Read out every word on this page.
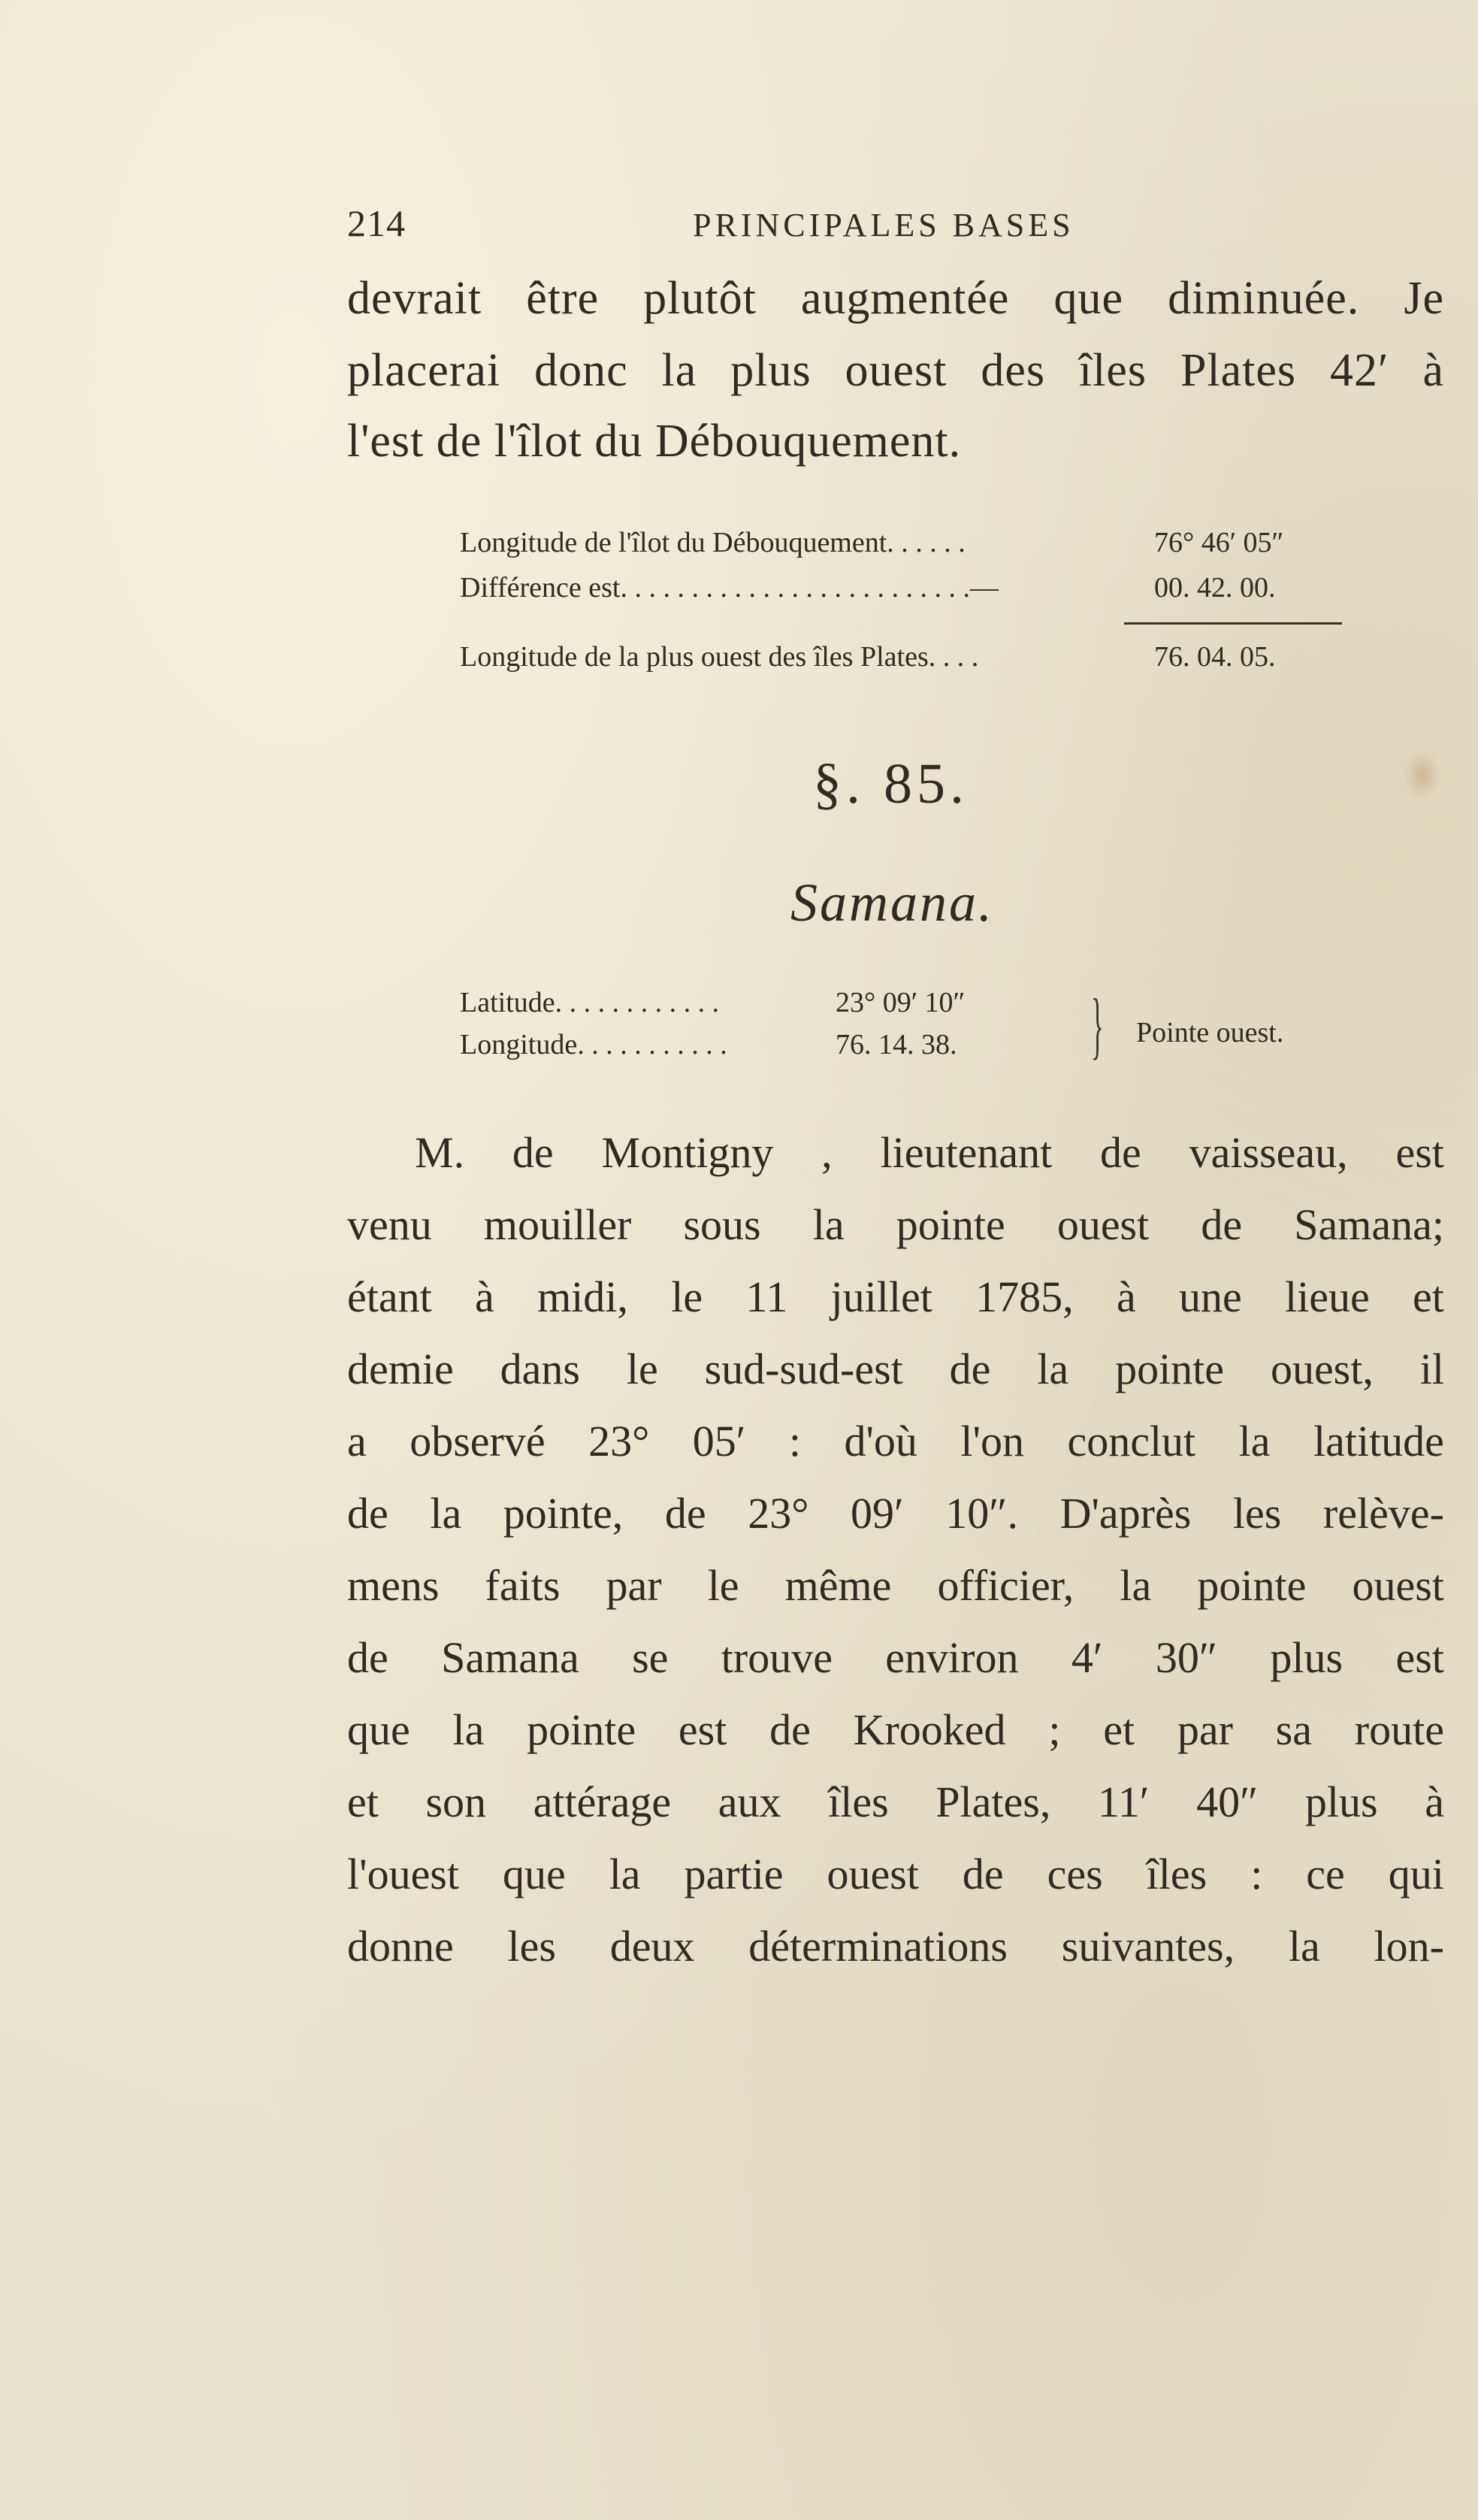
214	PRINCIPALES BASES
devrait être plutôt augmentée que diminuée. Je
placerai donc la plus ouest des îles Plates 42′ à
l'est de l'îlot du Débouquement.
Longitude de l'îlot du Débouquement. . . . . .	76° 46′ 05″
Différence est. . . . . . . . . . . . . . . . . . . . . . . . .—	00. 42. 00.
Longitude de la plus ouest des îles Plates. . . .	76. 04. 05.
§. 85.
Samana.
Latitude. . . . . . . . . . . .	23° 09′ 10″
Longitude. . . . . . . . . . .	76. 14. 38. } Pointe ouest.
M. de Montigny , lieutenant de vaisseau, est
venu mouiller sous la pointe ouest de Samana;
étant à midi, le 11 juillet 1785, à une lieue et
demie dans le sud-sud-est de la pointe ouest, il
a observé 23° 05′ : d'où l'on conclut la latitude
de la pointe, de 23° 09′ 10″. D'après les relève-
mens faits par le même officier, la pointe ouest
de Samana se trouve environ 4′ 30″ plus est
que la pointe est de Krooked ; et par sa route
et son attérage aux îles Plates, 11′ 40″ plus à
l'ouest que la partie ouest de ces îles : ce qui
donne les deux déterminations suivantes, la lon-
